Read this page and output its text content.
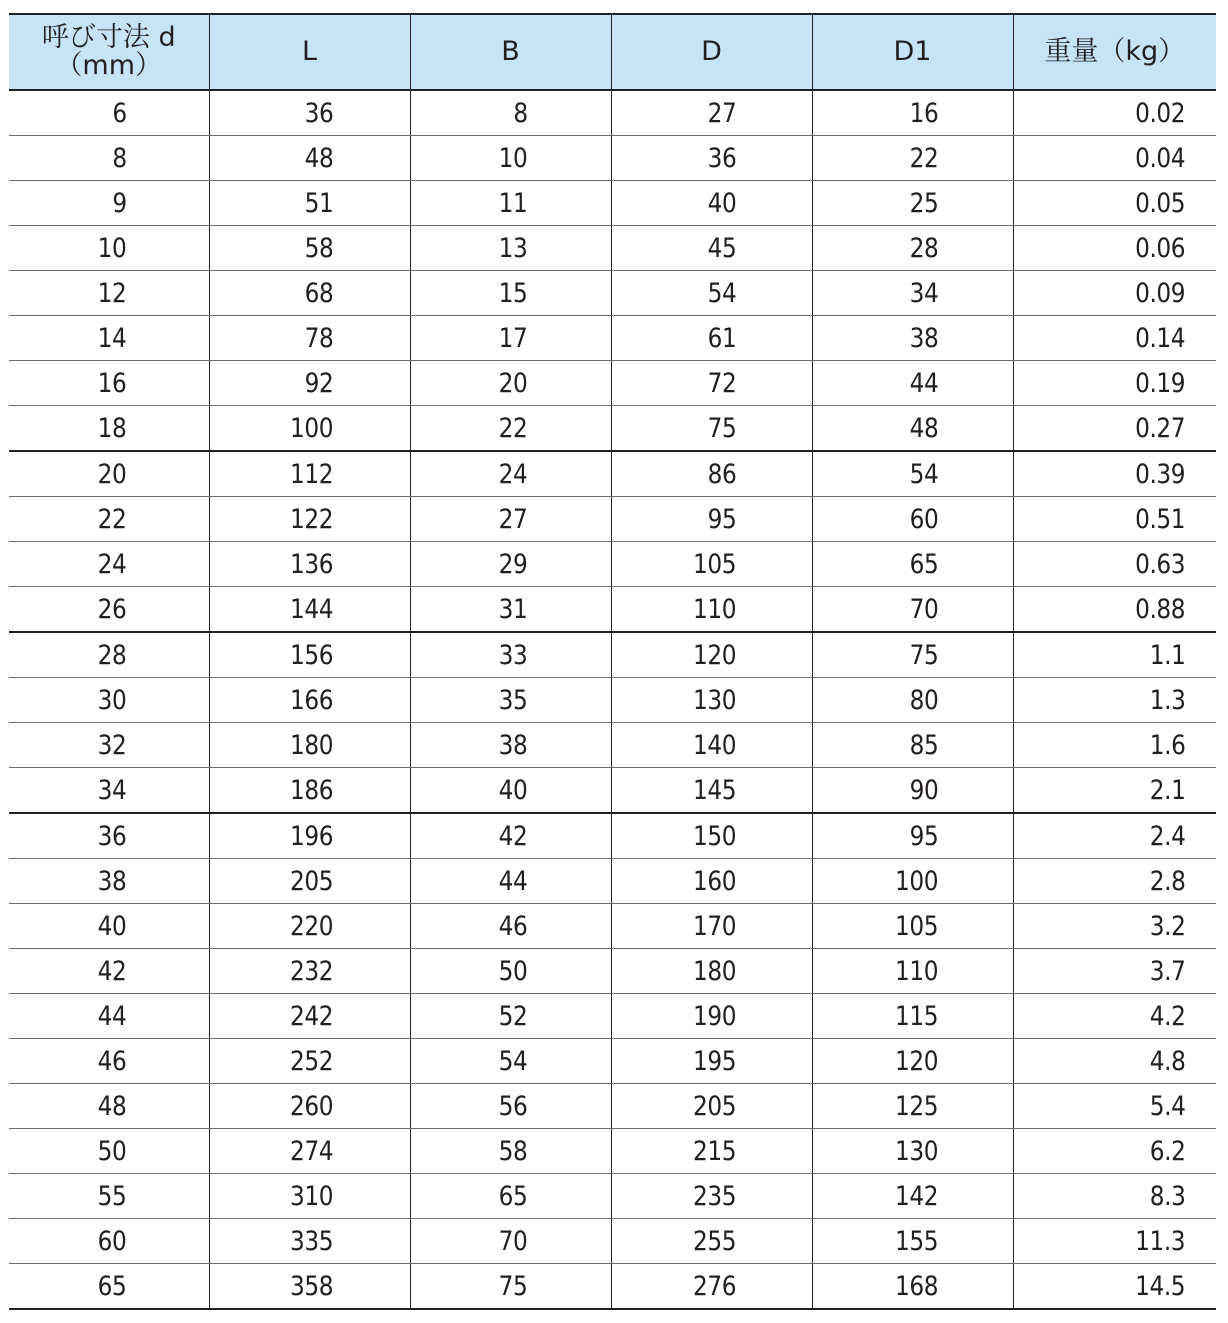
呼び寸法 d
（mm）	L	B	D	D1	重量（kg）

6	36	8	27	16	0.02
8	48	10	36	22	0.04
9	51	11	40	25	0.05
10	58	13	45	28	0.06
12	68	15	54	34	0.09
14	78	17	61	38	0.14
16	92	20	72	44	0.19
18	100	22	75	48	0.27
20	112	24	86	54	0.39
22	122	27	95	60	0.51
24	136	29	105	65	0.63
26	144	31	110	70	0.88
28	156	33	120	75	1.1
30	166	35	130	80	1.3
32	180	38	140	85	1.6
34	186	40	145	90	2.1
36	196	42	150	95	2.4
38	205	44	160	100	2.8
40	220	46	170	105	3.2
42	232	50	180	110	3.7
44	242	52	190	115	4.2
46	252	54	195	120	4.8
48	260	56	205	125	5.4
50	274	58	215	130	6.2
55	310	65	235	142	8.3
60	335	70	255	155	11.3
65	358	75	276	168	14.5
